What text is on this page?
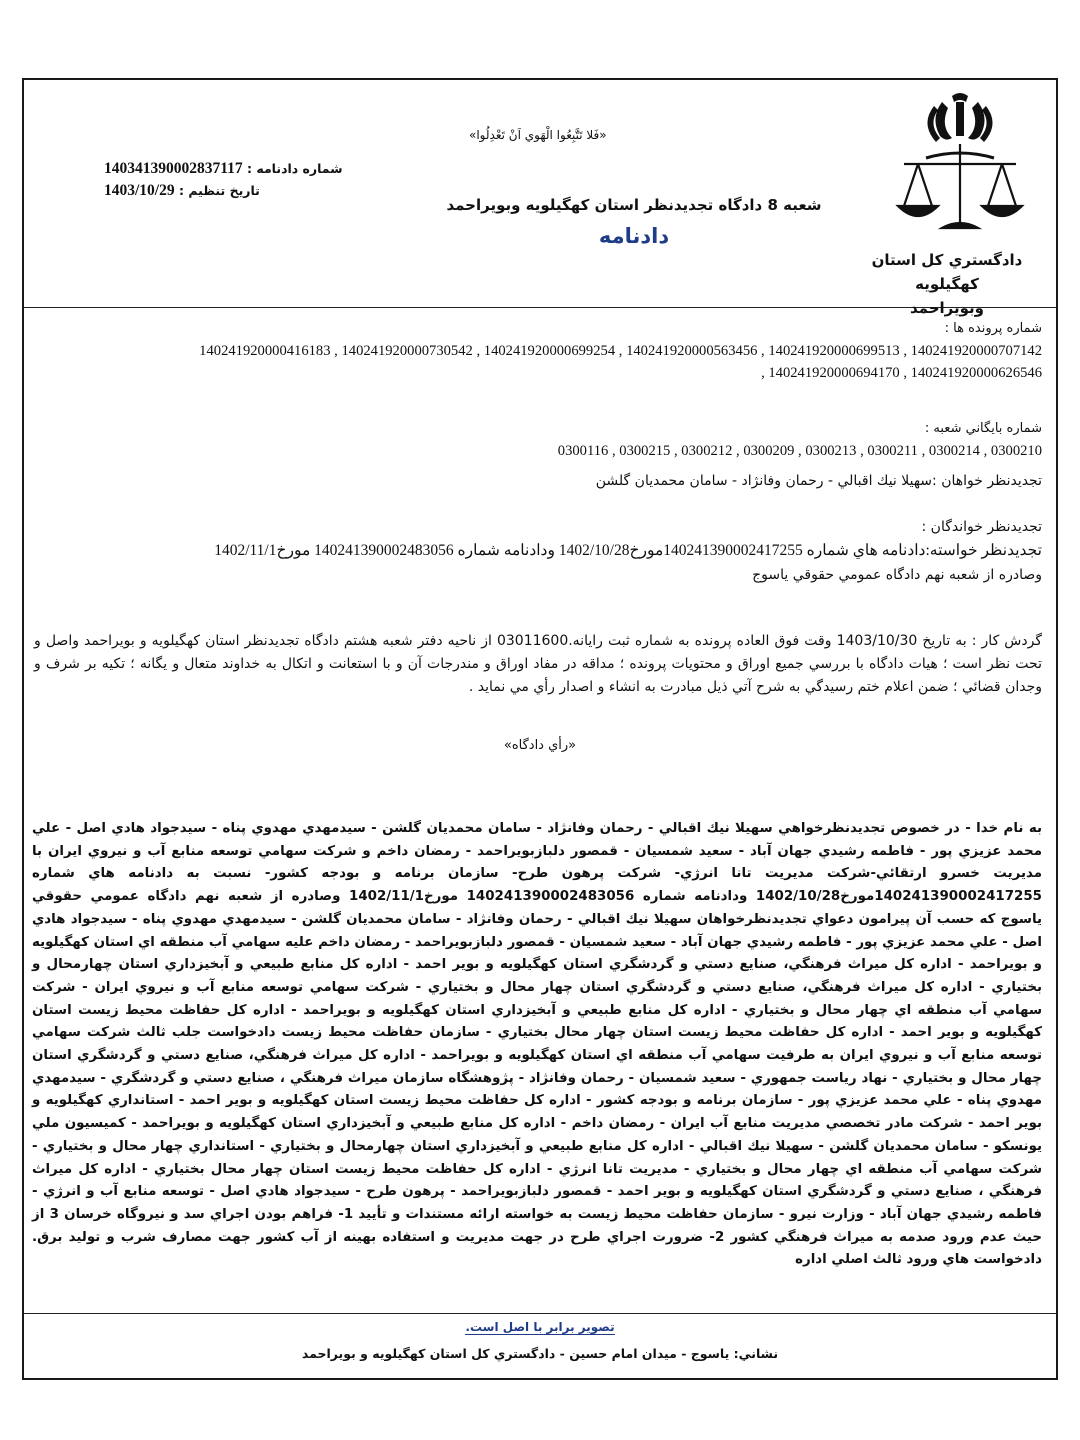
دادگستري كل استان كهگيلويه
وبويراحمد
«فَلا تَتَّبِعُوا الْهَوي اَنْ تَعْدِلُوا»
شماره دادنامه : 140341390002837117
تاريخ تنظيم : 1403/10/29
شعبه 8 دادگاه تجديدنظر استان كهگيلويه وبويراحمد
دادنامه
شماره پرونده ها :
140241920000707142 , 140241920000699513 , 140241920000563456 , 140241920000699254 , 140241920000730542 , 140241920000416183
140241920000626546 , 140241920000694170 ,
شماره بايگاني شعبه :
0300210 , 0300214 , 0300211 , 0300213 , 0300209 , 0300212 , 0300215 , 0300116
تجديدنظر خواهان :سهيلا نيك اقبالي - رحمان وفانژاد - سامان محمديان گلشن
تجديدنظر خواندگان :
تجديدنظر خواسته:دادنامه هاي شماره 140241390002417255مورخ1402/10/28 ودادنامه شماره 140241390002483056 مورخ1402/11/1
وصادره از شعبه نهم دادگاه عمومي حقوقي ياسوج
گردش كار : به تاريخ 1403/10/30 وقت فوق العاده پرونده به شماره ثبت رايانه.03011600 از ناحيه دفتر شعبه هشتم دادگاه تجديدنظر استان كهگيلويه و بويراحمد واصل و تحت نظر است ؛ هيات دادگاه با بررسي جميع اوراق و محتويات پرونده ؛ مداقه در مفاد اوراق و مندرجات آن و با استعانت و اتكال به خداوند متعال و يگانه ؛ تكيه بر شرف و وجدان قضائي ؛ ضمن اعلام ختم رسيدگي به شرح آتي ذيل مبادرت به انشاء و اصدار رأي مي نمايد .
«رأي دادگاه»
به نام خدا - در خصوص تجديدنظرخواهي سهيلا نيك اقبالي - رحمان وفانژاد - سامان محمديان گلشن - سيدمهدي مهدوي پناه - سيدجواد هادي اصل - علي محمد عزيزي پور - فاطمه رشيدي جهان آباد - سعيد شمسيان - قمصور دلبازبويراحمد - رمضان داخم و شركت سهامي توسعه منابع آب و نيروي ايران با مديريت خسرو ارتقائي-شركت مديريت تانا انرژي- شركت پرهون طرح- سازمان برنامه و بودجه كشور- نسبت به دادنامه هاي شماره 140241390002417255مورخ1402/10/28 ودادنامه شماره 140241390002483056 مورخ1402/11/1 وصادره از شعبه نهم دادگاه عمومي حقوقي ياسوج كه حسب آن پيرامون دعواي تجديدنظرخواهان سهيلا نيك اقبالي - رحمان وفانژاد - سامان محمديان گلشن - سيدمهدي مهدوي پناه - سيدجواد هادي اصل - علي محمد عزيزي پور - فاطمه رشيدي جهان آباد - سعيد شمسيان - قمصور دلبازبويراحمد - رمضان داخم عليه سهامي آب منطقه اي استان كهگيلويه و بويراحمد - اداره كل ميراث فرهنگي، صنايع دستي و گردشگري استان كهگيلويه و بوير احمد - اداره كل منابع طبيعي و آبخيزداري استان چهارمحال و بختياري - اداره كل ميراث فرهنگي، صنايع دستي و گردشگري استان چهار محال و بختياري - شركت سهامي توسعه منابع آب و نيروي ايران - شركت سهامي آب منطقه اي چهار محال و بختياري - اداره كل منابع طبيعي و آبخيزداري استان كهگيلويه و بويراحمد - اداره كل حفاظت محيط زيست استان كهگيلويه و بوير احمد - اداره كل حفاظت محيط زيست استان چهار محال بختياري - سازمان حفاظت محيط زيست دادخواست جلب ثالث شركت سهامي توسعه منابع آب و نيروي ايران به طرفيت سهامي آب منطقه اي استان كهگيلويه و بويراحمد - اداره كل ميراث فرهنگي، صنايع دستي و گردشگري استان چهار محال و بختياري - نهاد رياست جمهوري - سعيد شمسيان - رحمان وفانژاد - پژوهشگاه سازمان ميراث فرهنگي ، صنايع دستي و گردشگري - سيدمهدي مهدوي پناه - علي محمد عزيزي پور - سازمان برنامه و بودجه كشور - اداره كل حفاظت محيط زيست استان كهگيلويه و بوير احمد - استانداري كهگيلويه و بوير احمد - شركت مادر تخصصي مديريت منابع آب ايران - رمضان داخم - اداره كل منابع طبيعي و آبخيزداري استان كهگيلويه و بويراحمد - كميسيون ملي يونسكو - سامان محمديان گلشن - سهيلا نيك اقبالي - اداره كل منابع طبيعي و آبخيزداري استان چهارمحال و بختياري - استانداري چهار محال و بختياري - شركت سهامي آب منطقه اي چهار محال و بختياري - مديريت تانا انرژي - اداره كل حفاظت محيط زيست استان چهار محال بختياري - اداره كل ميراث فرهنگي ، صنايع دستي و گردشگري استان كهگيلويه و بوير احمد - قمصور دلبازبويراحمد - پرهون طرح - سيدجواد هادي اصل - توسعه منابع آب و انرژي - فاطمه رشيدي جهان آباد - وزارت نيرو - سازمان حفاظت محيط زيست به خواسته ارائه مستندات و تأييد 1- فراهم بودن اجراي سد و نيروگاه خرسان 3 از حيث عدم ورود صدمه به ميراث فرهنگي كشور 2- ضرورت اجراي طرح در جهت مديريت و استفاده بهينه از آب كشور جهت مصارف شرب و توليد برق. دادخواست هاي ورود ثالث اصلي اداره
تصوير برابر با اصل است.
نشاني: ياسوج - ميدان امام حسين - دادگستري كل استان كهگيلويه و بويراحمد
